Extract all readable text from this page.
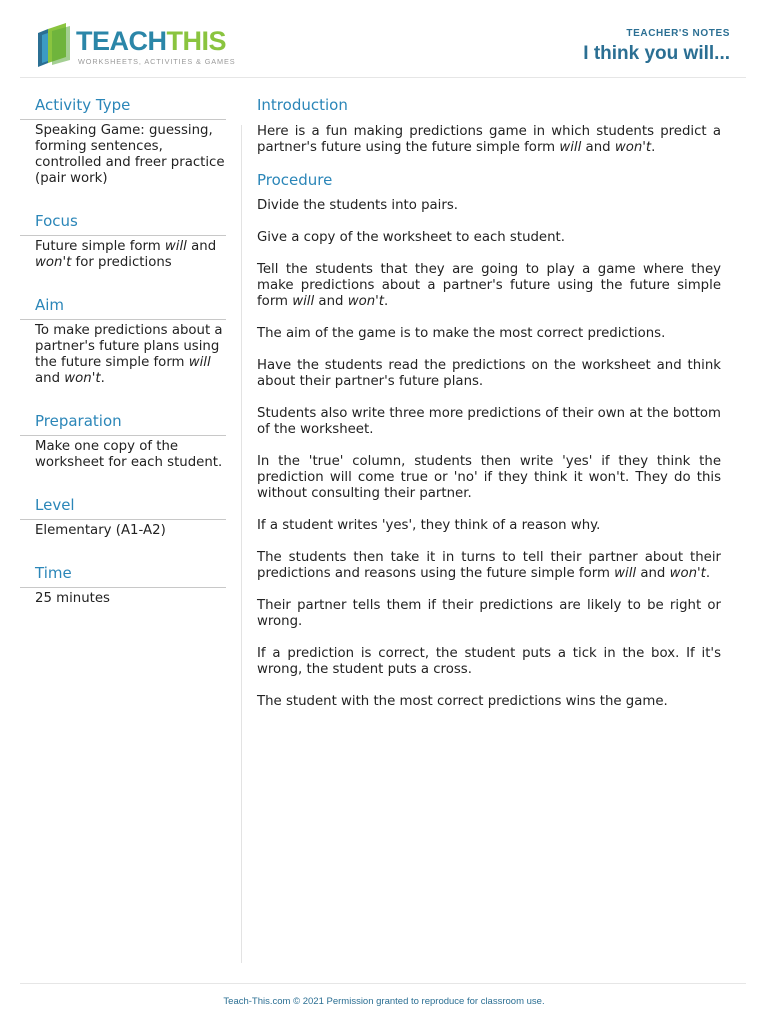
TEACHTHIS
WORKSHEETS, ACTIVITIES & GAMES
TEACHER'S NOTES
I think you will...
Activity Type
Speaking Game: guessing, forming sentences, controlled and freer practice (pair work)
Focus
Future simple form will and won't for predictions
Aim
To make predictions about a partner's future plans using the future simple form will and won't.
Preparation
Make one copy of the worksheet for each student.
Level
Elementary (A1-A2)
Time
25 minutes
Introduction
Here is a fun making predictions game in which students predict a partner's future using the future simple form will and won't.
Procedure
Divide the students into pairs.
Give a copy of the worksheet to each student.
Tell the students that they are going to play a game where they make predictions about a partner's future using the future simple form will and won't.
The aim of the game is to make the most correct predictions.
Have the students read the predictions on the worksheet and think about their partner's future plans.
Students also write three more predictions of their own at the bottom of the worksheet.
In the 'true' column, students then write 'yes' if they think the prediction will come true or 'no' if they think it won't. They do this without consulting their partner.
If a student writes 'yes', they think of a reason why.
The students then take it in turns to tell their partner about their predictions and reasons using the future simple form will and won't.
Their partner tells them if their predictions are likely to be right or wrong.
If a prediction is correct, the student puts a tick in the box. If it's wrong, the student puts a cross.
The student with the most correct predictions wins the game.
Teach-This.com © 2021 Permission granted to reproduce for classroom use.
